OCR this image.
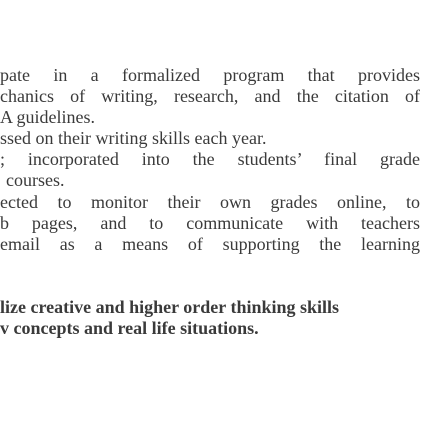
pate in a formalized program that provides
chanics of writing, research, and the citation of
A guidelines.
ssed on their writing skills each year.
; incorporated into the students’ final grade
courses.
ected to monitor their own grades online, to
b pages, and to communicate with teachers
email as a means of supporting the learning
lize creative and higher order thinking skills
v concepts and real life situations.
